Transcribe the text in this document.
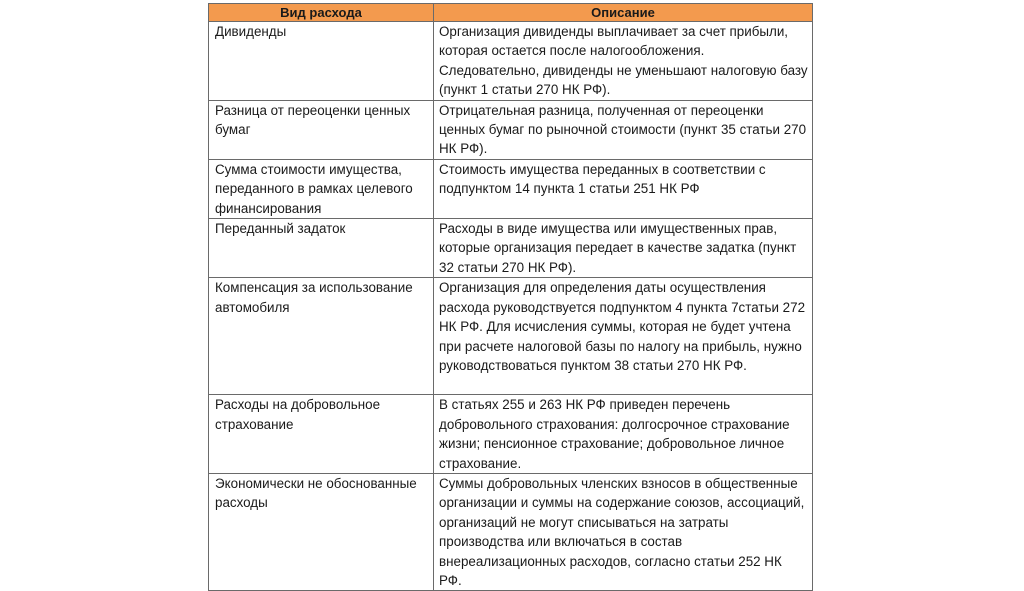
Вид расхода	Описание
Дивиденды	Организация дивиденды выплачивает за счет прибыли, которая остается после налогообложения. Следовательно, дивиденды не уменьшают налоговую базу (пункт 1 статьи 270 НК РФ).
Разница от переоценки ценных бумаг	Отрицательная разница, полученная от переоценки ценных бумаг по рыночной стоимости (пункт 35 статьи 270 НК РФ).
Сумма стоимости имущества, переданного в рамках целевого финансирования	Стоимость имущества переданных в соответствии с подпунктом 14 пункта 1 статьи 251 НК РФ
Переданный задаток	Расходы в виде имущества или имущественных прав, которые организация передает в качестве задатка (пункт 32 статьи 270 НК РФ).
Компенсация за использование автомобиля	Организация для определения даты осуществления расхода руководствуется подпунктом 4 пункта 7статьи 272 НК РФ. Для исчисления суммы, которая не будет учтена при расчете налоговой базы по налогу на прибыль, нужно руководствоваться пунктом 38 статьи 270 НК РФ.
Расходы на добровольное страхование	В статьях 255 и 263 НК РФ приведен перечень добровольного страхования: долгосрочное страхование жизни; пенсионное страхование; добровольное личное страхование.
Экономически не обоснованные расходы	Суммы добровольных членских взносов в общественные организации и суммы на содержание союзов, ассоциаций, организаций не могут списываться на затраты производства или включаться в состав внереализационных расходов, согласно статьи 252 НК РФ.
